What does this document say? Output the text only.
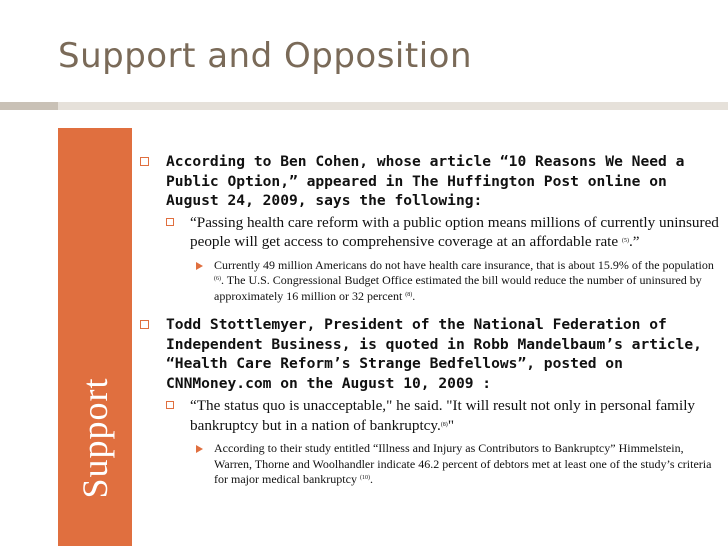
Support and Opposition
Support
According to Ben Cohen, whose article “10 Reasons We Need a Public Option,” appeared in The Huffington Post online on August 24, 2009, says the following:
“Passing health care reform with a public option means millions of currently uninsured people will get access to comprehensive coverage at an affordable rate $^{(5)}$.”
Currently 49 million Americans do not have health care insurance, that is about 15.9% of the population $^{(6)}$. The U.S. Congressional Budget Office estimated the bill would reduce the number of uninsured by approximately 16 million or 32 percent $^{(8)}$.
Todd Stottlemyer, President of the National Federation of Independent Business, is quoted in Robb Mandelbaum’s article, “Health Care Reform’s Strange Bedfellows”, posted on CNNMoney.com on the August 10, 2009 :
“The status quo is unacceptable," he said. "It will result not only in personal family bankruptcy but in a nation of bankruptcy.$^{(8)}$"
According to their study entitled “Illness and Injury as Contributors to Bankruptcy” Himmelstein, Warren, Thorne and Woolhandler indicate 46.2 percent of debtors met at least one of the study’s criteria for major medical bankruptcy $^{(10)}$.
